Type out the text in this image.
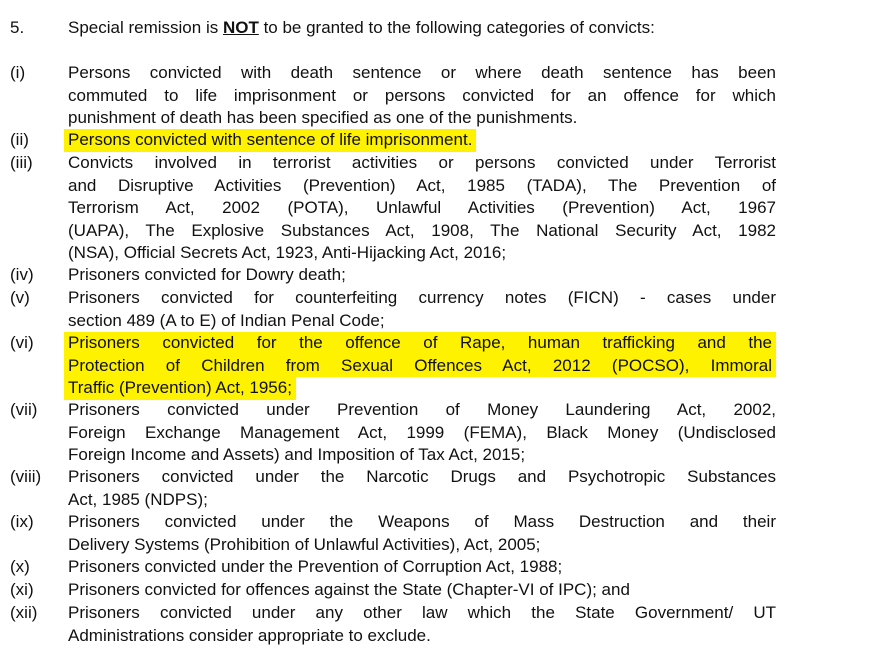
5.	Special remission is NOT to be granted to the following categories of convicts:
(i)	Persons convicted with death sentence or where death sentence has been
commuted to life imprisonment or persons convicted for an offence for which
punishment of death has been specified as one of the punishments.
(ii)	Persons convicted with sentence of life imprisonment.
(iii)	Convicts involved in terrorist activities or persons convicted under Terrorist
and Disruptive Activities (Prevention) Act, 1985 (TADA), The Prevention of
Terrorism Act, 2002 (POTA), Unlawful Activities (Prevention) Act, 1967
(UAPA), The Explosive Substances Act, 1908, The National Security Act, 1982
(NSA), Official Secrets Act, 1923, Anti-Hijacking Act, 2016;
(iv)	Prisoners convicted for Dowry death;
(v)	Prisoners convicted for counterfeiting currency notes (FICN) - cases under
section 489 (A to E) of Indian Penal Code;
(vi)	Prisoners convicted for the offence of Rape, human trafficking and the
Protection of Children from Sexual Offences Act, 2012 (POCSO), Immoral
Traffic (Prevention) Act, 1956;
(vii)	Prisoners convicted under Prevention of Money Laundering Act, 2002,
Foreign Exchange Management Act, 1999 (FEMA), Black Money (Undisclosed
Foreign Income and Assets) and Imposition of Tax Act, 2015;
(viii)	Prisoners convicted under the Narcotic Drugs and Psychotropic Substances
Act, 1985 (NDPS);
(ix)	Prisoners convicted under the Weapons of Mass Destruction and their
Delivery Systems (Prohibition of Unlawful Activities), Act, 2005;
(x)	Prisoners convicted under the Prevention of Corruption Act, 1988;
(xi)	Prisoners convicted for offences against the State (Chapter-VI of IPC); and
(xii)	Prisoners convicted under any other law which the State Government/ UT
Administrations consider appropriate to exclude.
